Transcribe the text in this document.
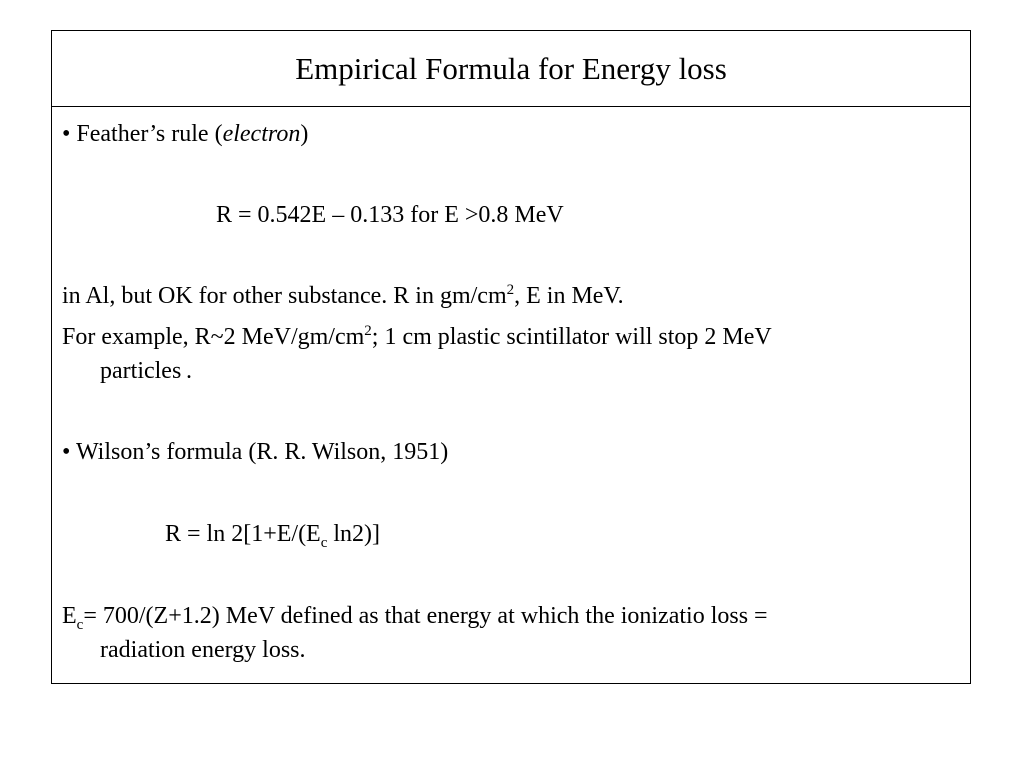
Empirical Formula for Energy loss
• Feather’s rule (electron)
R = 0.542E – 0.133 for E >0.8 MeV
in Al, but OK for other substance. R in $gm/cm^2$, E in MeV.
For example, R~2 MeV/$gm/cm^2$; 1 cm plastic scintillator will stop 2 MeV
particles .
• Wilson’s formula (R. R. Wilson, 1951)
$R = \ln 2[1+E/(E_c$ ln2)]
$E_c= 700/(Z+1.2)$ MeV defined as that energy at which the ionizatio loss =
radiation energy loss.
